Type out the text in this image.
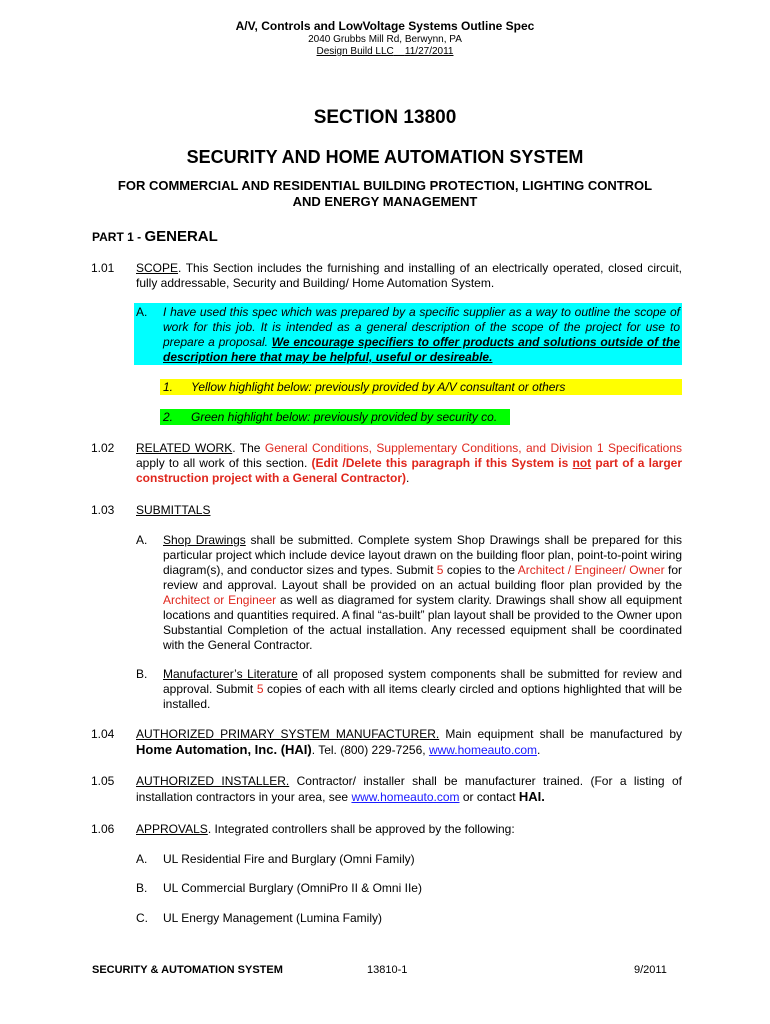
A/V, Controls and LowVoltage Systems Outline Spec
2040 Grubbs Mill Rd, Berwynn, PA
Design Build LLC 11/27/2011
SECTION 13800
SECURITY AND HOME AUTOMATION SYSTEM
FOR COMMERCIAL AND RESIDENTIAL BUILDING PROTECTION, LIGHTING CONTROL
AND ENERGY MANAGEMENT
PART 1 - GENERAL
1.01 SCOPE. This Section includes the furnishing and installing of an electrically operated, closed circuit, fully addressable, Security and Building/ Home Automation System.
A. I have used this spec which was prepared by a specific supplier as a way to outline the scope of work for this job. It is intended as a general description of the scope of the project for use to prepare a proposal. We encourage specifiers to offer products and solutions outside of the description here that may be helpful, useful or desireable.
1. Yellow highlight below: previously provided by A/V consultant or others
2. Green highlight below: previously provided by security co.
1.02 RELATED WORK. The General Conditions, Supplementary Conditions, and Division 1 Specifications apply to all work of this section. (Edit /Delete this paragraph if this System is not part of a larger construction project with a General Contractor).
1.03 SUBMITTALS
A. Shop Drawings shall be submitted. Complete system Shop Drawings shall be prepared for this particular project which include device layout drawn on the building floor plan, point-to-point wiring diagram(s), and conductor sizes and types. Submit 5 copies to the Architect / Engineer/ Owner for review and approval. Layout shall be provided on an actual building floor plan provided by the Architect or Engineer as well as diagramed for system clarity. Drawings shall show all equipment locations and quantities required. A final “as-built” plan layout shall be provided to the Owner upon Substantial Completion of the actual installation. Any recessed equipment shall be coordinated with the General Contractor.
B. Manufacturer’s Literature of all proposed system components shall be submitted for review and approval. Submit 5 copies of each with all items clearly circled and options highlighted that will be installed.
1.04 AUTHORIZED PRIMARY SYSTEM MANUFACTURER. Main equipment shall be manufactured by Home Automation, Inc. (HAI). Tel. (800) 229-7256, www.homeauto.com.
1.05 AUTHORIZED INSTALLER. Contractor/ installer shall be manufacturer trained. (For a listing of installation contractors in your area, see www.homeauto.com or contact HAI.
1.06 APPROVALS. Integrated controllers shall be approved by the following:
A. UL Residential Fire and Burglary (Omni Family)
B. UL Commercial Burglary (OmniPro II & Omni IIe)
C. UL Energy Management (Lumina Family)
SECURITY & AUTOMATION SYSTEM	13810-1	9/2011
